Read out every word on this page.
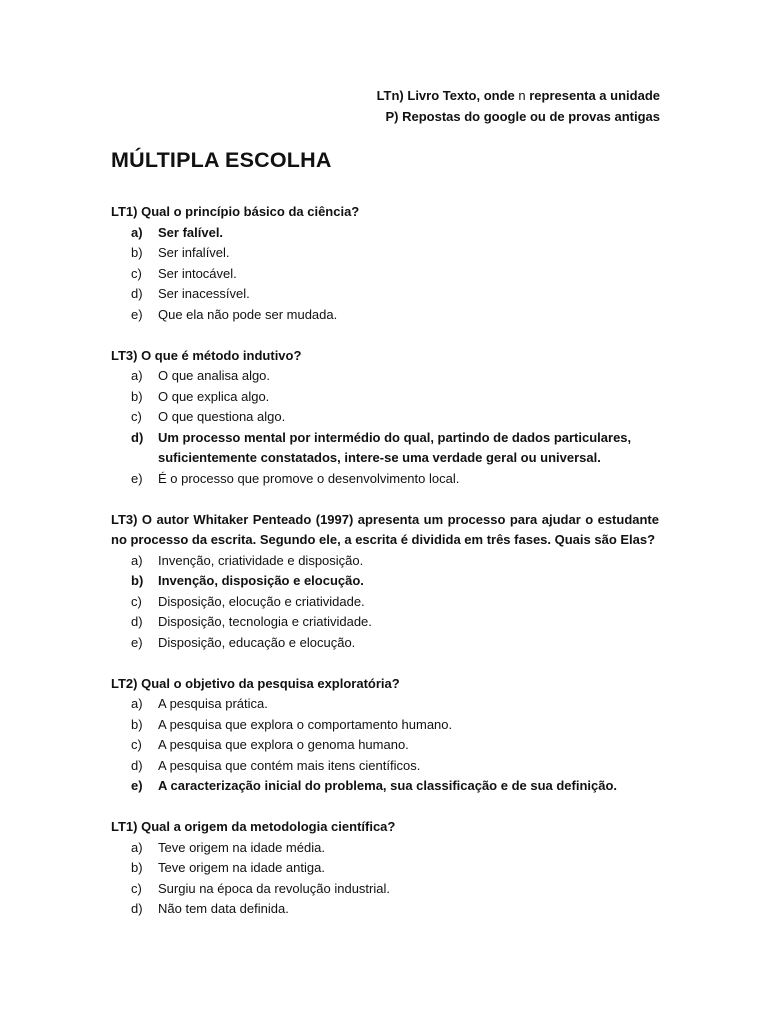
LTn) Livro Texto, onde n representa a unidade
P) Repostas do google ou de provas antigas
MÚLTIPLA ESCOLHA

LT1) Qual o princípio básico da ciência?

a) Ser falível.
b) Ser infalível.
c) Ser intocável.
d) Ser inacessível.
e) Que ela não pode ser mudada.

LT3) O que é método indutivo?

a) O que analisa algo.
b) O que explica algo.
c) O que questiona algo.
d) Um processo mental por intermédio do qual, partindo de dados particulares, suficientemente constatados, intere-se uma verdade geral ou universal.
e) É o processo que promove o desenvolvimento local.

LT3) O autor Whitaker Penteado (1997) apresenta um processo para ajudar o estudante no processo da escrita. Segundo ele, a escrita é dividida em três fases. Quais são Elas?

a) Invenção, criatividade e disposição.
b) Invenção, disposição e elocução.
c) Disposição, elocução e criatividade.
d) Disposição, tecnologia e criatividade.
e) Disposição, educação e elocução.

LT2) Qual o objetivo da pesquisa exploratória?

a) A pesquisa prática.
b) A pesquisa que explora o comportamento humano.
c) A pesquisa que explora o genoma humano.
d) A pesquisa que contém mais itens científicos.
e) A caracterização inicial do problema, sua classificação e de sua definição.

LT1) Qual a origem da metodologia científica?

a) Teve origem na idade média.
b) Teve origem na idade antiga.
c) Surgiu na época da revolução industrial.
d) Não tem data definida.
